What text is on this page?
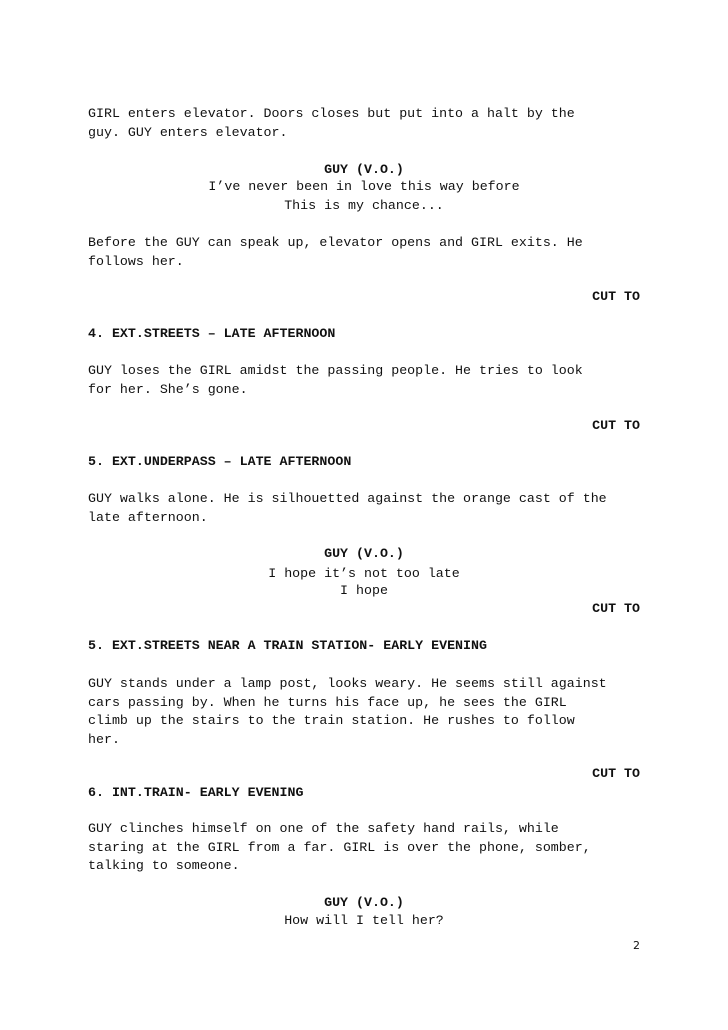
GIRL enters elevator. Doors closes but put into a halt by the
guy. GUY enters elevator.
GUY (V.O.)
I’ve never been in love this way before
This is my chance...
Before the GUY can speak up, elevator opens and GIRL exits. He
follows her.
CUT TO
4. EXT.STREETS – LATE AFTERNOON
GUY loses the GIRL amidst the passing people. He tries to look
for her. She’s gone.
CUT TO
5. EXT.UNDERPASS – LATE AFTERNOON
GUY walks alone. He is silhouetted against the orange cast of the
late afternoon.
GUY (V.O.)
I hope it’s not too late
I hope
CUT TO
5. EXT.STREETS NEAR A TRAIN STATION- EARLY EVENING
GUY stands under a lamp post, looks weary. He seems still against
cars passing by. When he turns his face up, he sees the GIRL
climb up the stairs to the train station. He rushes to follow
her.
CUT TO
6. INT.TRAIN- EARLY EVENING
GUY clinches himself on one of the safety hand rails, while
staring at the GIRL from a far. GIRL is over the phone, somber,
talking to someone.
GUY (V.O.)
How will I tell her?
2
